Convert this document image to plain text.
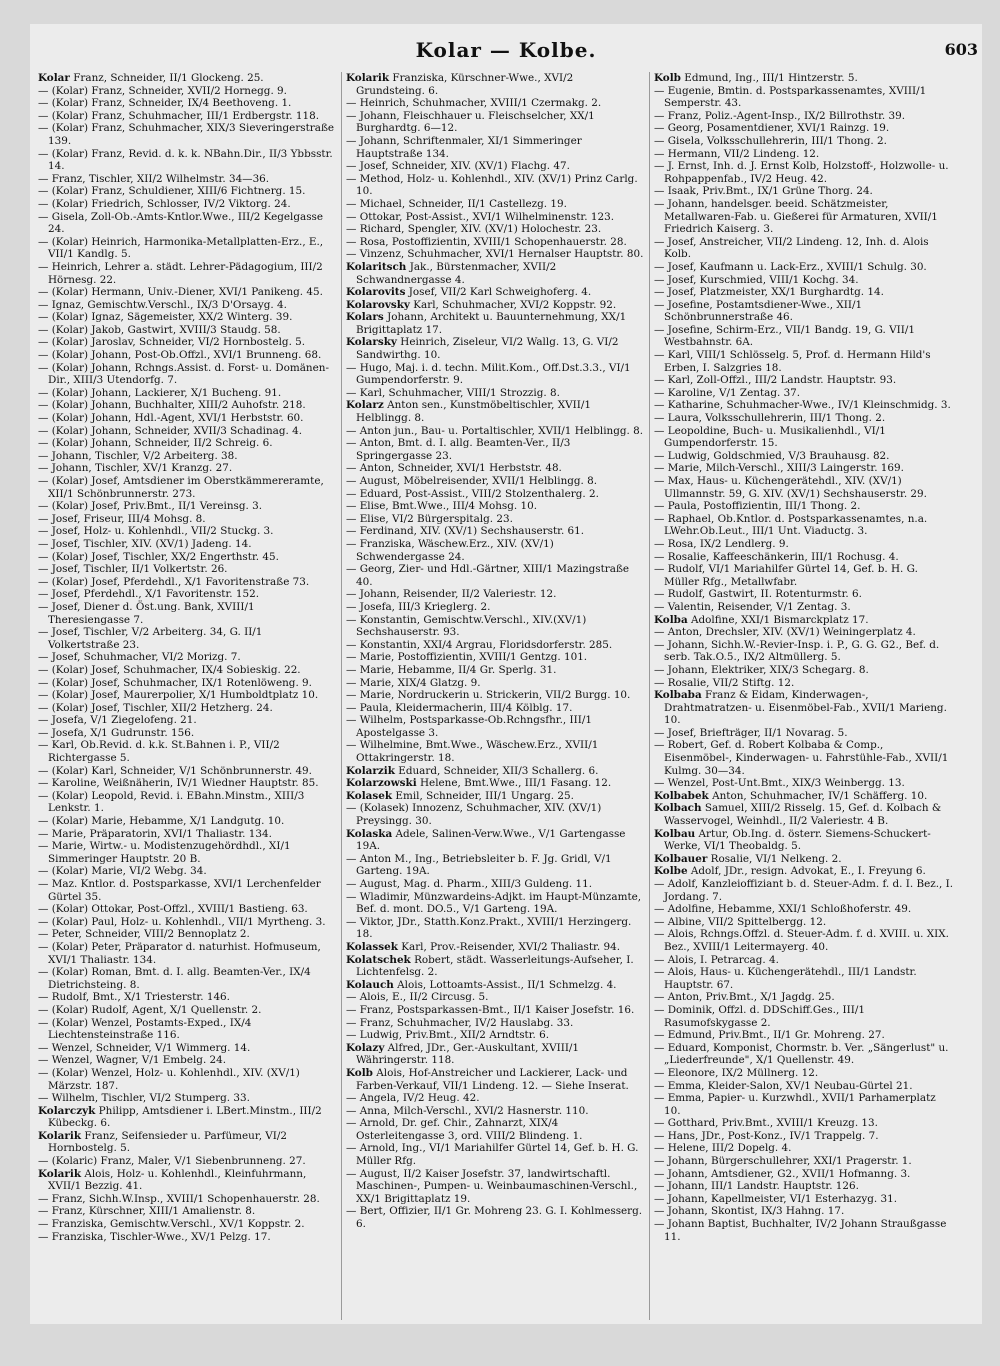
Kolar — Kolbe.	603
Kolar Franz, Schneider, II/1 Glockeng. 25.
— (Kolar) Franz, Schneider, XVII/2 Hornegg. 9.
— (Kolar) Franz, Schneider, IX/4 Beethoveng. 1.
— (Kolar) Franz, Schuhmacher, III/1 Erdbergstr. 118.
— (Kolar) Franz, Schuhmacher, XIX/3 Sieveringerstraße 139.
— (Kolar) Franz, Revid. d. k. k. NBahn.Dir., II/3 Ybbsstr. 14.
— Franz, Tischler, XII/2 Wilhelmstr. 34—36.
— (Kolar) Franz, Schuldiener, XIII/6 Fichtnerg. 15.
— (Kolar) Friedrich, Schlosser, IV/2 Viktorg. 24.
— Gisela, Zoll-Ob.-Amts-Kntlor.Wwe., III/2 Kegelgasse 24.
— (Kolar) Heinrich, Harmonika-Metallplatten-Erz., E., VII/1 Kandlg. 5.
— Heinrich, Lehrer a. städt. Lehrer-Pädagogium, III/2 Hörnesg. 22.
— (Kolar) Hermann, Univ.-Diener, XVI/1 Panikeng. 45.
— Ignaz, Gemischtw.Verschl., IX/3 D'Orsayg. 4.
— (Kolar) Ignaz, Sägemeister, XX/2 Winterg. 39.
— (Kolar) Jakob, Gastwirt, XVIII/3 Staudg. 58.
— (Kolar) Jaroslav, Schneider, VI/2 Hornbostelg. 5.
— (Kolar) Johann, Post-Ob.Offzl., XVI/1 Brunneng. 68.
— (Kolar) Johann, Rchngs.Assist. d. Forst- u. Domänen-Dir., XIII/3 Utendorfg. 7.
— (Kolar) Johann, Lackierer, X/1 Bucheng. 91.
— (Kolar) Johann, Buchhalter, XIII/2 Auhofstr. 218.
— (Kolar) Johann, Hdl.-Agent, XVI/1 Herbststr. 60.
— (Kolar) Johann, Schneider, XVII/3 Schadinag. 4.
— (Kolar) Johann, Schneider, II/2 Schreig. 6.
— Johann, Tischler, V/2 Arbeiterg. 38.
— Johann, Tischler, XV/1 Kranzg. 27.
— (Kolar) Josef, Amtsdiener im Oberstkämmereramte, XII/1 Schönbrunnerstr. 273.
— (Kolar) Josef, Priv.Bmt., II/1 Vereinsg. 3.
— Josef, Friseur, III/4 Mohsg. 8.
— Josef, Holz- u. Kohlenhdl., VII/2 Stuckg. 3.
— Josef, Tischler, XIV. (XV/1) Jadeng. 14.
— (Kolar) Josef, Tischler, XX/2 Engerthstr. 45.
— Josef, Tischler, II/1 Volkertstr. 26.
— (Kolar) Josef, Pferdehdl., X/1 Favoritenstraße 73.
— Josef, Pferdehdl., X/1 Favoritenstr. 152.
— Josef, Diener d. Öst.ung. Bank, XVIII/1 Theresiengasse 7.
— Josef, Tischler, V/2 Arbeiterg. 34, G. II/1 Volkertstraße 23.
— Josef, Schuhmacher, VI/2 Morizg. 7.
— (Kolar) Josef, Schuhmacher, IX/4 Sobieskig. 22.
— (Kolar) Josef, Schuhmacher, IX/1 Rotenlöweng. 9.
— (Kolar) Josef, Maurerpolier, X/1 Humboldtplatz 10.
— (Kolar) Josef, Tischler, XII/2 Hetzherg. 24.
— Josefa, V/1 Ziegelofeng. 21.
— Josefa, X/1 Gudrunstr. 156.
— Karl, Ob.Revid. d. k.k. St.Bahnen i. P., VII/2 Richtergasse 5.
— (Kolar) Karl, Schneider, V/1 Schönbrunnerstr. 49.
— Karoline, Weißnäherin, IV/1 Wiedner Hauptstr. 85.
— (Kolar) Leopold, Revid. i. EBahn.Minstm., XIII/3 Lenkstr. 1.
— (Kolar) Marie, Hebamme, X/1 Landgutg. 10.
— Marie, Präparatorin, XVI/1 Thaliastr. 134.
— Marie, Wirtw.- u. Modistenzugehördhdl., XI/1 Simmeringer Hauptstr. 20 B.
— (Kolar) Marie, VI/2 Webg. 34.
— Maz. Kntlor. d. Postsparkasse, XVI/1 Lerchenfelder Gürtel 35.
— (Kolar) Ottokar, Post-Offzl., XVIII/1 Bastieng. 63.
— (Kolar) Paul, Holz- u. Kohlenhdl., VII/1 Myrtheng. 3.
— Peter, Schneider, VIII/2 Bennoplatz 2.
— (Kolar) Peter, Präparator d. naturhist. Hofmuseum, XVI/1 Thaliastr. 134.
— (Kolar) Roman, Bmt. d. I. allg. Beamten-Ver., IX/4 Dietrichsteing. 8.
— Rudolf, Bmt., X/1 Triesterstr. 146.
— (Kolar) Rudolf, Agent, X/1 Quellenstr. 2.
— (Kolar) Wenzel, Postamts-Exped., IX/4 Liechtensteinstraße 116.
— Wenzel, Schneider, V/1 Wimmerg. 14.
— Wenzel, Wagner, V/1 Embelg. 24.
— (Kolar) Wenzel, Holz- u. Kohlenhdl., XIV. (XV/1) Märzstr. 187.
— Wilhelm, Tischler, VI/2 Stumperg. 33.
Kolarczyk Philipp, Amtsdiener i. LBert.Minstm., III/2 Kübeckg. 6.
Kolarik Franz, Seifensieder u. Parfümeur, VI/2 Hornbostelg. 5.
— (Kolaric) Franz, Maler, V/1 Siebenbrunneng. 27.
Kolarik Alois, Holz- u. Kohlenhdl., Kleinfuhrmann, XVII/1 Bezzig. 41.
— Franz, Sichh.W.Insp., XVIII/1 Schopenhauerstr. 28.
— Franz, Kürschner, XIII/1 Amalienstr. 8.
— Franziska, Gemischtw.Verschl., XV/1 Koppstr. 2.
— Franziska, Tischler-Wwe., XV/1 Pelzg. 17.
Kolarik Franziska, Kürschner-Wwe., XVI/2 Grundsteing. 6.
— Heinrich, Schuhmacher, XVIII/1 Czermakg. 2.
— Johann, Fleischhauer u. Fleischselcher, XX/1 Burghardtg. 6—12.
— Johann, Schriftenmaler, XI/1 Simmeringer Hauptstraße 134.
— Josef, Schneider, XIV. (XV/1) Flachg. 47.
— Method, Holz- u. Kohlenhdl., XIV. (XV/1) Prinz Carlg. 10.
— Michael, Schneider, II/1 Castellezg. 19.
— Ottokar, Post-Assist., XVI/1 Wilhelminenstr. 123.
— Richard, Spengler, XIV. (XV/1) Holochestr. 23.
— Rosa, Postoffizientin, XVIII/1 Schopenhauerstr. 28.
— Vinzenz, Schuhmacher, XVI/1 Hernalser Hauptstr. 80.
Kolaritsch Jak., Bürstenmacher, XVII/2 Schwandnergasse 4.
Kolarovits Josef, VII/2 Karl Schweighoferg. 4.
Kolarovsky Karl, Schuhmacher, XVI/2 Koppstr. 92.
Kolars Johann, Architekt u. Bauunternehmung, XX/1 Brigittaplatz 17.
Kolarsky Heinrich, Ziseleur, VI/2 Wallg. 13, G. VI/2 Sandwirthg. 10.
— Hugo, Maj. i. d. techn. Milit.Kom., Off.Dst.3.3., VI/1 Gumpendorferstr. 9.
— Karl, Schuhmacher, VIII/1 Strozzig. 8.
Kolarz Anton sen., Kunstmöbeltischler, XVII/1 Helblingg. 8.
— Anton jun., Bau- u. Portaltischler, XVII/1 Helblingg. 8.
— Anton, Bmt. d. I. allg. Beamten-Ver., II/3 Springergasse 23.
— Anton, Schneider, XVI/1 Herbststr. 48.
— August, Möbelreisender, XVII/1 Helblingg. 8.
— Eduard, Post-Assist., VIII/2 Stolzenthalerg. 2.
— Elise, Bmt.Wwe., III/4 Mohsg. 10.
— Elise, VI/2 Bürgerspitalg. 23.
— Ferdinand, XIV. (XV/1) Sechshauserstr. 61.
— Franziska, Wäschew.Erz., XIV. (XV/1) Schwendergasse 24.
— Georg, Zier- und Hdl.-Gärtner, XIII/1 Mazingstraße 40.
— Johann, Reisender, II/2 Valeriestr. 12.
— Josefa, III/3 Krieglerg. 2.
— Konstantin, Gemischtw.Verschl., XIV.(XV/1) Sechshauserstr. 93.
— Konstantin, XXI/4 Argrau, Floridsdorferstr. 285.
— Marie, Postoffizientin, XVIII/1 Gentzg. 101.
— Marie, Hebamme, II/4 Gr. Sperlg. 31.
— Marie, XIX/4 Glatzg. 9.
— Marie, Nordruckerin u. Strickerin, VII/2 Burgg. 10.
— Paula, Kleidermacherin, III/4 Kölblg. 17.
— Wilhelm, Postsparkasse-Ob.Rchngsfhr., III/1 Apostelgasse 3.
— Wilhelmine, Bmt.Wwe., Wäschew.Erz., XVII/1 Ottakringerstr. 18.
Kolarzik Eduard, Schneider, XII/3 Schallerg. 6.
Kolarzowski Helene, Bmt.Wwe., III/1 Fasang. 12.
Kolasek Emil, Schneider, III/1 Ungarg. 25.
— (Kolasek) Innozenz, Schuhmacher, XIV. (XV/1) Preysingg. 30.
Kolaska Adele, Salinen-Verw.Wwe., V/1 Gartengasse 19A.
— Anton M., Ing., Betriebsleiter b. F. Jg. Gridl, V/1 Garteng. 19A.
— August, Mag. d. Pharm., XIII/3 Guldeng. 11.
— Wladimir, Münzwardeins-Adjkt. im Haupt-Münzamte, Bef. d. mont. DO.5., V/1 Garteng. 19A.
— Viktor, JDr., Statth.Konz.Prakt., XVIII/1 Herzingerg. 18.
Kolassek Karl, Prov.-Reisender, XVI/2 Thaliastr. 94.
Kolatschek Robert, städt. Wasserleitungs-Aufseher, I. Lichtenfelsg. 2.
Kolauch Alois, Lottoamts-Assist., II/1 Schmelzg. 4.
— Alois, E., II/2 Circusg. 5.
— Franz, Postsparkassen-Bmt., II/1 Kaiser Josefstr. 16.
— Franz, Schuhmacher, IV/2 Hauslabg. 33.
— Ludwig, Priv.Bmt., XII/2 Arndtstr. 6.
Kolazy Alfred, JDr., Ger.-Auskultant, XVIII/1 Währingerstr. 118.
Kolb Alois, Hof-Anstreicher und Lackierer, Lack- und Farben-Verkauf, VII/1 Lindeng. 12. — Siehe Inserat.
— Angela, IV/2 Heug. 42.
— Anna, Milch-Verschl., XVI/2 Hasnerstr. 110.
— Arnold, Dr. gef. Chir., Zahnarzt, XIX/4 Osterleitengasse 3, ord. VIII/2 Blindeng. 1.
— Arnold, Ing., VI/1 Mariahilfer Gürtel 14, Gef. b. H. G. Müller Rfg.
— August, II/2 Kaiser Josefstr. 37, landwirtschaftl. Maschinen-, Pumpen- u. Weinbaumaschinen-Verschl., XX/1 Brigittaplatz 19.
— Bert, Offizier, II/1 Gr. Mohreng 23. G. I. Kohlmesserg. 6.
Kolb Edmund, Ing., III/1 Hintzerstr. 5.
— Eugenie, Bmtin. d. Postsparkassenamtes, XVIII/1 Semperstr. 43.
— Franz, Poliz.-Agent-Insp., IX/2 Billrothstr. 39.
— Georg, Posamentdiener, XVI/1 Rainzg. 19.
— Gisela, Volksschullehrerin, III/1 Thong. 2.
— Hermann, VII/2 Lindeng. 12.
— J. Ernst, Inh. d. J. Ernst Kolb, Holzstoff-, Holzwolle- u. Rohpappenfab., IV/2 Heug. 42.
— Isaak, Priv.Bmt., IX/1 Grüne Thorg. 24.
— Johann, handelsger. beeid. Schätzmeister, Metallwaren-Fab. u. Gießerei für Armaturen, XVII/1 Friedrich Kaiserg. 3.
— Josef, Anstreicher, VII/2 Lindeng. 12, Inh. d. Alois Kolb.
— Josef, Kaufmann u. Lack-Erz., XVIII/1 Schulg. 30.
— Josef, Kurschmied, VIII/1 Kochg. 34.
— Josef, Platzmeister, XX/1 Burghardtg. 14.
— Josefine, Postamtsdiener-Wwe., XII/1 Schönbrunnerstraße 46.
— Josefine, Schirm-Erz., VII/1 Bandg. 19, G. VII/1 Westbahnstr. 6A.
— Karl, VIII/1 Schlösselg. 5, Prof. d. Hermann Hild's Erben, I. Salzgries 18.
— Karl, Zoll-Offzl., III/2 Landstr. Hauptstr. 93.
— Karoline, V/1 Zentag. 37.
— Katharine, Schuhmacher-Wwe., IV/1 Kleinschmidg. 3.
— Laura, Volksschullehrerin, III/1 Thong. 2.
— Leopoldine, Buch- u. Musikalienhdl., VI/1 Gumpendorferstr. 15.
— Ludwig, Goldschmied, V/3 Brauhausg. 82.
— Marie, Milch-Verschl., XIII/3 Laingerstr. 169.
— Max, Haus- u. Küchengerätehdl., XIV. (XV/1) Ullmannstr. 59, G. XIV. (XV/1) Sechshauserstr. 29.
— Paula, Postoffizientin, III/1 Thong. 2.
— Raphael, Ob.Kntlor. d. Postsparkassenamtes, n.a. LWehr.Ob.Leut., III/1 Unt. Viaductg. 3.
— Rosa, IX/2 Lendlerg. 9.
— Rosalie, Kaffeeschänkerin, III/1 Rochusg. 4.
— Rudolf, VI/1 Mariahilfer Gürtel 14, Gef. b. H. G. Müller Rfg., Metallwfabr.
— Rudolf, Gastwirt, II. Rotenturmstr. 6.
— Valentin, Reisender, V/1 Zentag. 3.
Kolba Adolfine, XXI/1 Bismarckplatz 17.
— Anton, Drechsler, XIV. (XV/1) Weiningerplatz 4.
— Johann, Sichh.W.-Revier-Insp. i. P., G. G. G2., Bef. d. serb. Tak.O.5., IX/2 Altmüllerg. 5.
— Johann, Elektriker, XIX/3 Schegarg. 8.
— Rosalie, VII/2 Stiftg. 12.
Kolbaba Franz & Eidam, Kinderwagen-, Drahtmatratzen- u. Eisenmöbel-Fab., XVII/1 Marieng. 10.
— Josef, Briefträger, II/1 Novarag. 5.
— Robert, Gef. d. Robert Kolbaba & Comp., Eisenmöbel-, Kinderwagen- u. Fahrstühle-Fab., XVII/1 Kulmg. 30—34.
— Wenzel, Post-Unt.Bmt., XIX/3 Weinbergg. 13.
Kolbabek Anton, Schuhmacher, IV/1 Schäfferg. 10.
Kolbach Samuel, XIII/2 Risselg. 15, Gef. d. Kolbach & Wasservogel, Weinhdl., II/2 Valeriestr. 4 B.
Kolbau Artur, Ob.Ing. d. österr. Siemens-Schuckert-Werke, VI/1 Theobaldg. 5.
Kolbauer Rosalie, VI/1 Nelkeng. 2.
Kolbe Adolf, JDr., resign. Advokat, E., I. Freyung 6.
— Adolf, Kanzleioffiziant b. d. Steuer-Adm. f. d. I. Bez., I. Jordang. 7.
— Adolfine, Hebamme, XXI/1 Schloßhoferstr. 49.
— Albine, VII/2 Spittelbergg. 12.
— Alois, Rchngs.Offzl. d. Steuer-Adm. f. d. XVIII. u. XIX. Bez., XVIII/1 Leitermayerg. 40.
— Alois, I. Petrarcag. 4.
— Alois, Haus- u. Küchengerätehdl., III/1 Landstr. Hauptstr. 67.
— Anton, Priv.Bmt., X/1 Jagdg. 25.
— Dominik, Offzl. d. DDSchiff.Ges., III/1 Rasumofskygasse 2.
— Edmund, Priv.Bmt., II/1 Gr. Mohreng. 27.
— Eduard, Komponist, Chormstr. b. Ver. „Sängerlust" u. „Liederfreunde", X/1 Quellenstr. 49.
— Eleonore, IX/2 Müllnerg. 12.
— Emma, Kleider-Salon, XV/1 Neubau-Gürtel 21.
— Emma, Papier- u. Kurzwhdl., XVII/1 Parhamerplatz 10.
— Gotthard, Priv.Bmt., XVIII/1 Kreuzg. 13.
— Hans, JDr., Post-Konz., IV/1 Trappelg. 7.
— Helene, III/2 Dopelg. 4.
— Johann, Bürgerschullehrer, XXI/1 Pragerstr. 1.
— Johann, Amtsdiener, G2., XVII/1 Hofmanng. 3.
— Johann, III/1 Landstr. Hauptstr. 126.
— Johann, Kapellmeister, VI/1 Esterhazyg. 31.
— Johann, Skontist, IX/3 Hahng. 17.
— Johann Baptist, Buchhalter, IV/2 Johann Straußgasse 11.
